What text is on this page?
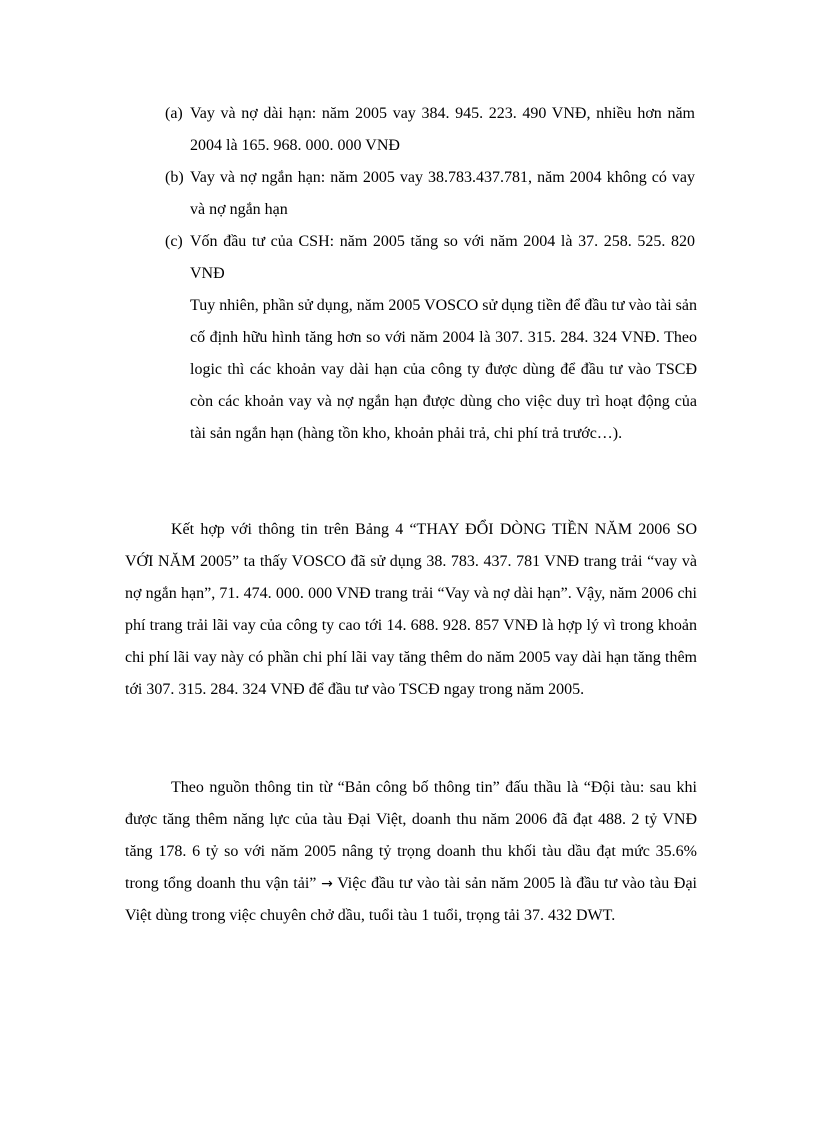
(a) Vay và nợ dài hạn: năm 2005 vay 384. 945. 223. 490 VNĐ, nhiều hơn năm 2004 là 165. 968. 000. 000 VNĐ
(b) Vay và nợ ngắn hạn: năm 2005 vay 38.783.437.781, năm 2004 không có vay và nợ ngắn hạn
(c) Vốn đầu tư của CSH: năm 2005 tăng so với năm 2004 là 37. 258. 525. 820 VNĐ
Tuy nhiên, phần sử dụng, năm 2005 VOSCO sử dụng tiền để đầu tư vào tài sản cố định hữu hình tăng hơn so với năm 2004 là 307. 315. 284. 324 VNĐ. Theo logic thì các khoản vay dài hạn của công ty được dùng để đầu tư vào TSCĐ còn các khoản vay và nợ ngắn hạn được dùng cho việc duy trì hoạt động của tài sản ngắn hạn (hàng tồn kho, khoản phải trả, chi phí trả trước…).
Kết hợp với thông tin trên Bảng 4 “THAY ĐỔI DÒNG TIỀN NĂM 2006 SO VỚI NĂM 2005” ta thấy VOSCO đã sử dụng 38. 783. 437. 781 VNĐ trang trải “vay và nợ ngắn hạn”, 71. 474. 000. 000 VNĐ trang trải “Vay và nợ dài hạn”. Vậy, năm 2006 chi phí trang trải lãi vay của công ty cao tới 14. 688. 928. 857 VNĐ là hợp lý vì trong khoản chi phí lãi vay này có phần chi phí lãi vay tăng thêm do năm 2005 vay dài hạn tăng thêm tới 307. 315. 284. 324 VNĐ để đầu tư vào TSCĐ ngay trong năm 2005.
Theo nguồn thông tin từ “Bản công bố thông tin” đấu thầu là “Đội tàu: sau khi được tăng thêm năng lực của tàu Đại Việt, doanh thu năm 2006 đã đạt 488. 2 tỷ VNĐ tăng 178. 6 tỷ so với năm 2005 nâng tỷ trọng doanh thu khối tàu dầu đạt mức 35.6% trong tổng doanh thu vận tải” → Việc đầu tư vào tài sản năm 2005 là đầu tư vào tàu Đại Việt dùng trong việc chuyên chở dầu, tuổi tàu 1 tuổi, trọng tải 37. 432 DWT.
